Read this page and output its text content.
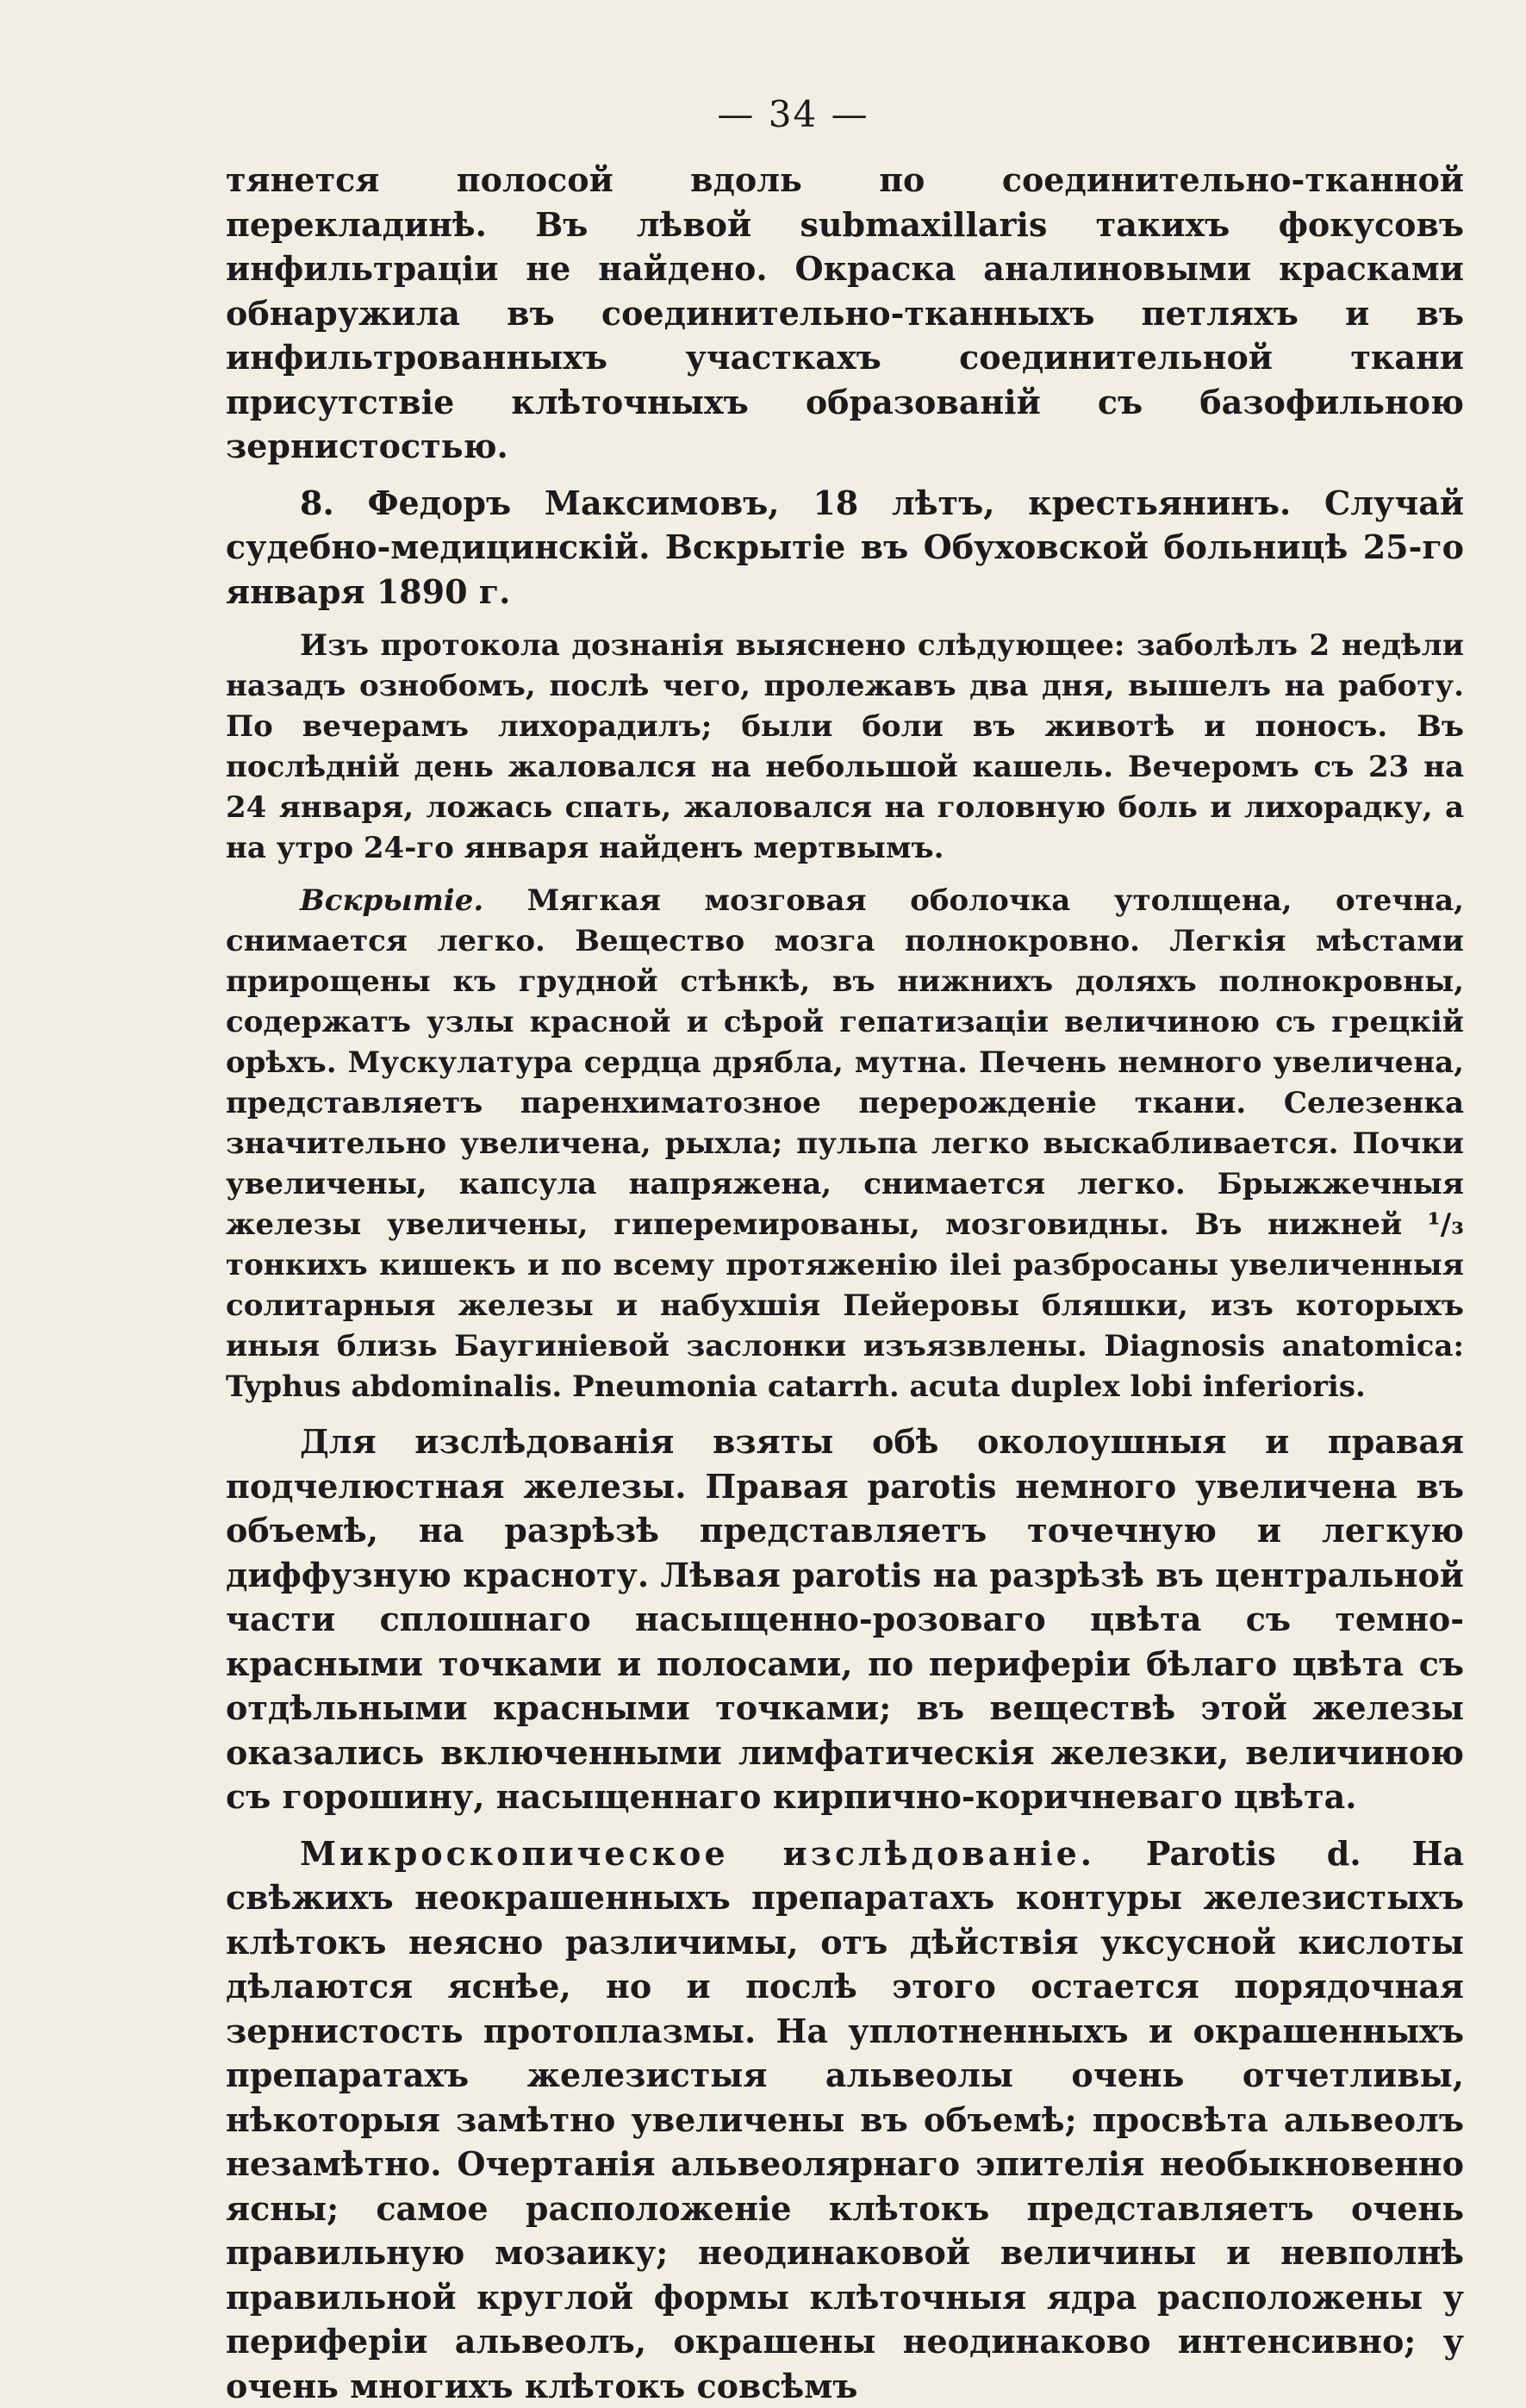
— 34 —

тянется полосой вдоль по соединительно-тканной перекладинѣ. Въ лѣвой submaxillaris такихъ фокусовъ инфильтрацiи не найдено. Окраска аналиновыми красками обнаружила въ соединительно-тканныхъ петляхъ и въ инфильтрованныхъ участкахъ соединительной ткани присутствiе клѣточныхъ образованiй съ базофильною зернистостью.

8. Федоръ Максимовъ, 18 лѣтъ, крестьянинъ. Случай судебно-медицинскiй. Вскрытiе въ Обуховской больницѣ 25-го января 1890 г.

Изъ протокола дознанiя выяснено слѣдующее: заболѣлъ 2 недѣли назадъ ознобомъ, послѣ чего, пролежавъ два дня, вышелъ на работу. По вечерамъ лихорадилъ; были боли въ животѣ и поносъ. Въ послѣднiй день жаловался на небольшой кашель. Вечеромъ съ 23 на 24 января, ложась спать, жаловался на головную боль и лихорадку, а на утро 24-го января найденъ мертвымъ.

Вскрытiе. Мягкая мозговая оболочка утолщена, отечна, снимается легко. Вещество мозга полнокровно. Легкiя мѣстами прирощены къ грудной стѣнкѣ, въ нижнихъ доляхъ полнокровны, содержатъ узлы красной и сѣрой гепатизацiи величиною съ грецкiй орѣхъ. Мускулатура сердца дрябла, мутна. Печень немного увеличена, представляетъ паренхиматозное перерожденiе ткани. Селезенка значительно увеличена, рыхла; пульпа легко выскабливается. Почки увеличены, капсула напряжена, снимается легко. Брыжжечныя железы увеличены, гиперемированы, мозговидны. Въ нижней ¹/₃ тонкихъ кишекъ и по всему протяженiю ilei разбросаны увеличенныя солитарныя железы и набухшiя Пейеровы бляшки, изъ которыхъ иныя близь Баугиніевой заслонки изъязвлены. Diagnosis anatomica: Typhus abdominalis. Pneumonia catarrh. acuta duplex lobi inferioris.

Для изслѣдованiя взяты обѣ околоушныя и правая подчелюстная железы. Правая parotis немного увеличена въ объемѣ, на разрѣзѣ представляетъ точечную и легкую диффузную красноту. Лѣвая parotis на разрѣзѣ въ центральной части сплошнаго насыщенно-розоваго цвѣта съ темно-красными точками и полосами, по периферiи бѣлаго цвѣта съ отдѣльными красными точками; въ веществѣ этой железы оказались включенными лимфатическiя железки, величиною съ горошину, насыщеннаго кирпично-коричневаго цвѣта.

Микроскопическое изслѣдованiе. Parotis d. На свѣжихъ неокрашенныхъ препаратахъ контуры железистыхъ клѣтокъ неясно различимы, отъ дѣйствiя уксусной кислоты дѣлаются яснѣе, но и послѣ этого остается порядочная зернистость протоплазмы. На уплотненныхъ и окрашенныхъ препаратахъ железистыя альвеолы очень отчетливы, нѣкоторыя замѣтно увеличены въ объемѣ; просвѣта альвеолъ незамѣтно. Очертанiя альвеолярнаго эпителiя необыкновенно ясны; самое расположенiе клѣтокъ представляетъ очень правильную мозаику; неодинаковой величины и невполнѣ правильной круглой формы клѣточныя ядра расположены у периферiи альвеолъ, окрашены неодинаково интенсивно; у очень многихъ клѣтокъ совсѣмъ
